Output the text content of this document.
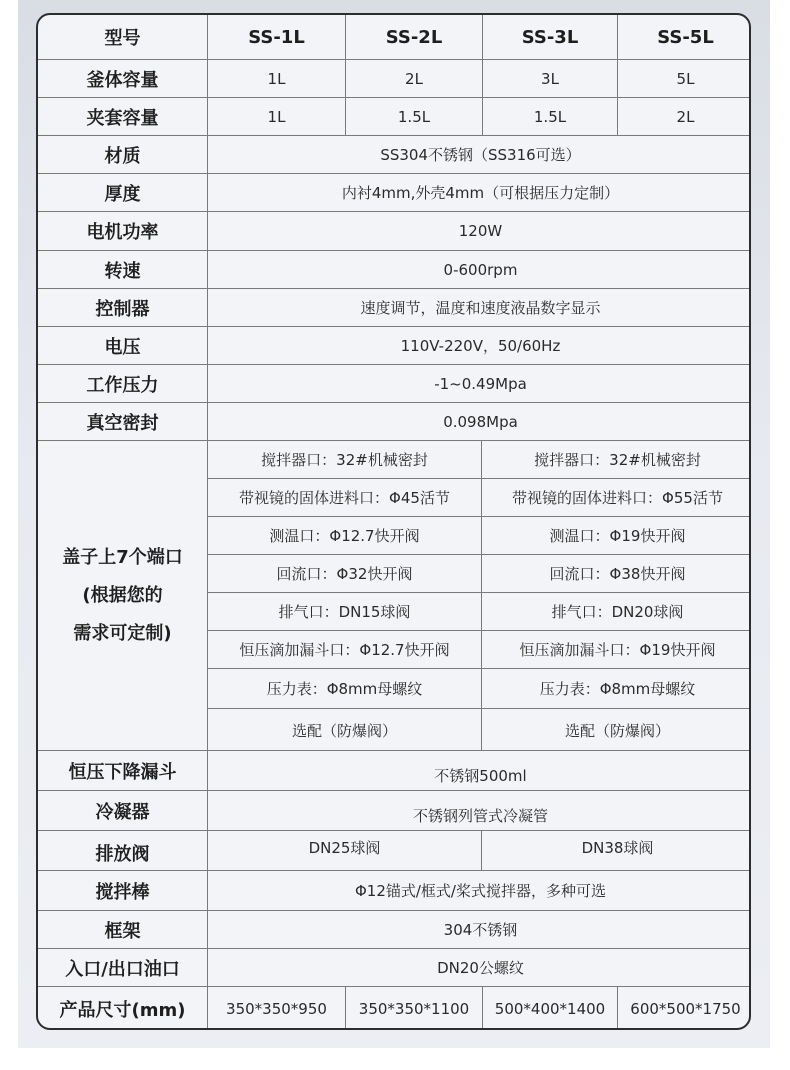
型号	SS-1L	SS-2L	SS-3L	SS-5L
釜体容量	1L	2L	3L	5L
夹套容量	1L	1.5L	1.5L	2L
材质	SS304不锈钢（SS316可选）
厚度	内衬4mm,外壳4mm（可根据压力定制）
电机功率	120W
转速	0-600rpm
控制器	速度调节，温度和速度液晶数字显示
电压	110V-220V，50/60Hz
工作压力	-1~0.49Mpa
真空密封	0.098Mpa
盖子上7个端口
(根据您的
需求可定制)
搅拌器口：32#机械密封	搅拌器口：32#机械密封
带视镜的固体进料口：Φ45活节	带视镜的固体进料口：Φ55活节
测温口：Φ12.7快开阀	测温口：Φ19快开阀
回流口：Φ32快开阀	回流口：Φ38快开阀
排气口：DN15球阀	排气口：DN20球阀
恒压滴加漏斗口：Φ12.7快开阀	恒压滴加漏斗口：Φ19快开阀
压力表：Φ8mm母螺纹	压力表：Φ8mm母螺纹
选配（防爆阀）	选配（防爆阀）
恒压下降漏斗	不锈钢500ml
冷凝器	不锈钢列管式冷凝管
排放阀	DN25球阀	DN38球阀
搅拌棒	Φ12锚式/框式/桨式搅拌器，多种可选
框架	304不锈钢
入口/出口油口	DN20公螺纹
产品尺寸(mm)	350*350*950	350*350*1100	500*400*1400	600*500*1750
